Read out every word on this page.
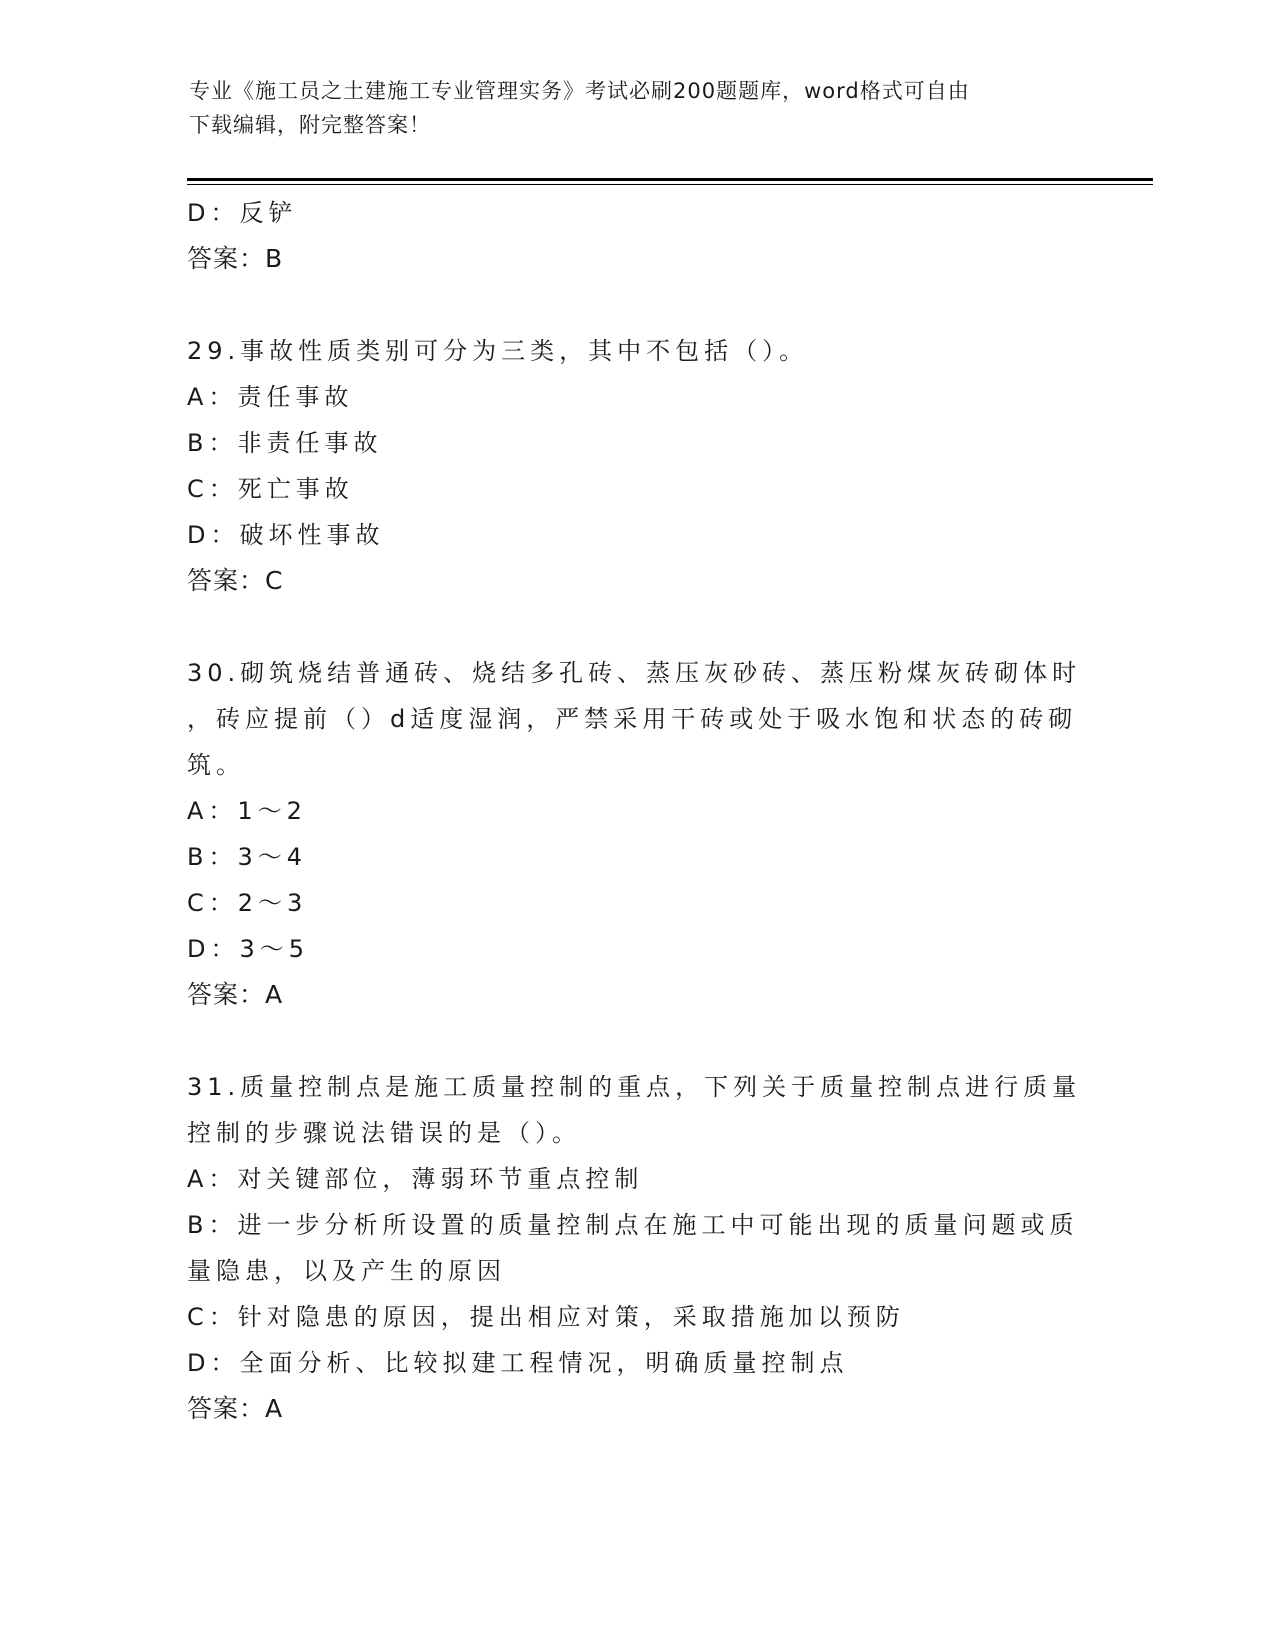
专业《施工员之土建施工专业管理实务》考试必刷200题题库，word格式可自由
下载编辑，附完整答案！
D：反铲
答案：B
29.事故性质类别可分为三类，其中不包括（）。
A：责任事故
B：非责任事故
C：死亡事故
D：破坏性事故
答案：C
30.砌筑烧结普通砖、烧结多孔砖、蒸压灰砂砖、蒸压粉煤灰砖砌体时
，砖应提前（）d适度湿润，严禁采用干砖或处于吸水饱和状态的砖砌
筑。
A：1～2
B：3～4
C：2～3
D：3～5
答案：A
31.质量控制点是施工质量控制的重点，下列关于质量控制点进行质量
控制的步骤说法错误的是（）。
A：对关键部位，薄弱环节重点控制
B：进一步分析所设置的质量控制点在施工中可能出现的质量问题或质
量隐患，以及产生的原因
C：针对隐患的原因，提出相应对策，采取措施加以预防
D：全面分析、比较拟建工程情况，明确质量控制点
答案：A
